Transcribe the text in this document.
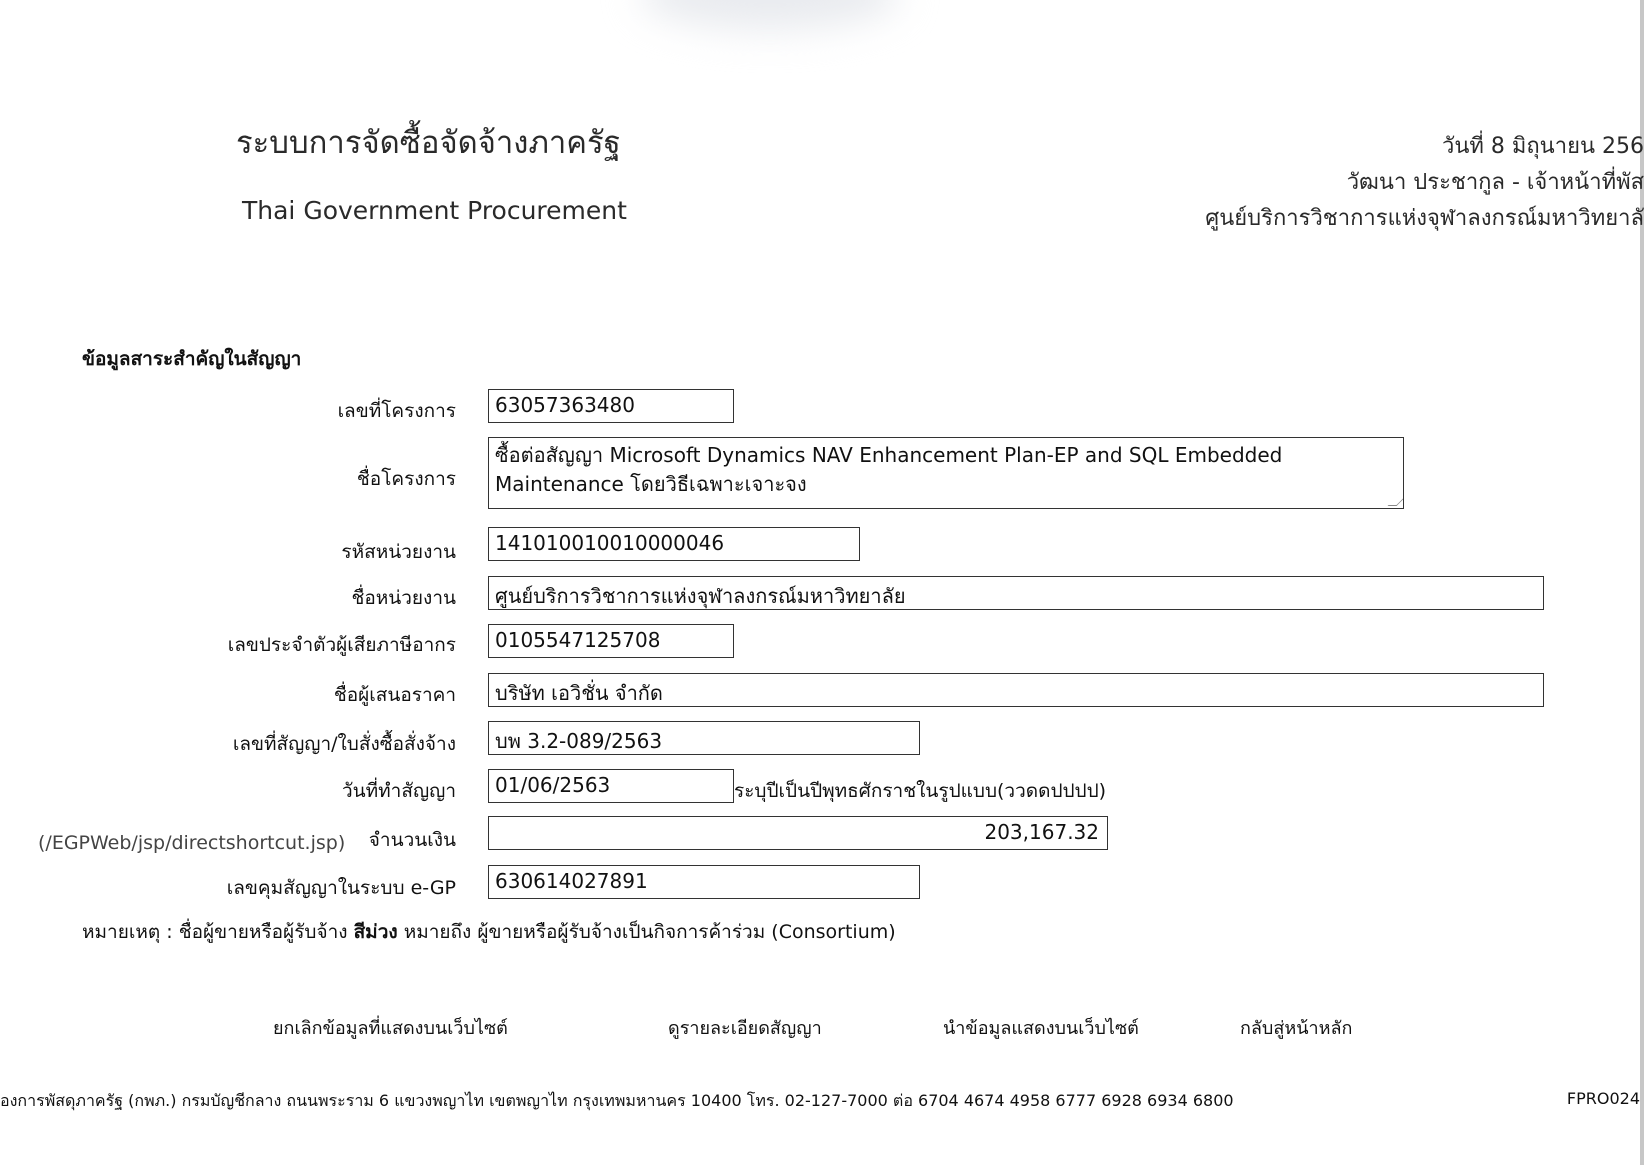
ระบบการจัดซื้อจัดจ้างภาครัฐ
Thai Government Procurement
วันที่ 8 มิถุนายน 256
วัฒนา ประชากูล - เจ้าหน้าที่พัส
ศูนย์บริการวิชาการแห่งจุฬาลงกรณ์มหาวิทยาลั
ข้อมูลสาระสำคัญในสัญญา
เลขที่โครงการ	63057363480
ชื่อโครงการ
ซื้อต่อสัญญา Microsoft Dynamics NAV Enhancement Plan-EP and SQL Embedded Maintenance โดยวิธีเฉพาะเจาะจง
รหัสหน่วยงาน	141010010010000046
ชื่อหน่วยงาน	ศูนย์บริการวิชาการแห่งจุฬาลงกรณ์มหาวิทยาลัย
เลขประจำตัวผู้เสียภาษีอากร	0105547125708
ชื่อผู้เสนอราคา	บริษัท เอวิชั่น จำกัด
เลขที่สัญญา/ใบสั่งซื้อสั่งจ้าง	บพ 3.2-089/2563
วันที่ทำสัญญา	01/06/2563	ระบุปีเป็นปีพุทธศักราชในรูปแบบ(ววดดปปปป)
จำนวนเงิน	203,167.32
(/EGPWeb/jsp/directshortcut.jsp)
เลขคุมสัญญาในระบบ e-GP	630614027891
หมายเหตุ : ชื่อผู้ขายหรือผู้รับจ้าง สีม่วง หมายถึง ผู้ขายหรือผู้รับจ้างเป็นกิจการค้าร่วม (Consortium)
ยกเลิกข้อมูลที่แสดงบนเว็บไซต์	ดูรายละเอียดสัญญา	นำข้อมูลแสดงบนเว็บไซต์	กลับสู่หน้าหลัก
องการพัสดุภาครัฐ (กพภ.) กรมบัญชีกลาง ถนนพระราม 6 แขวงพญาไท เขตพญาไท กรุงเทพมหานคร 10400 โทร. 02-127-7000 ต่อ 6704 4674 4958 6777 6928 6934 6800	FPRO024
